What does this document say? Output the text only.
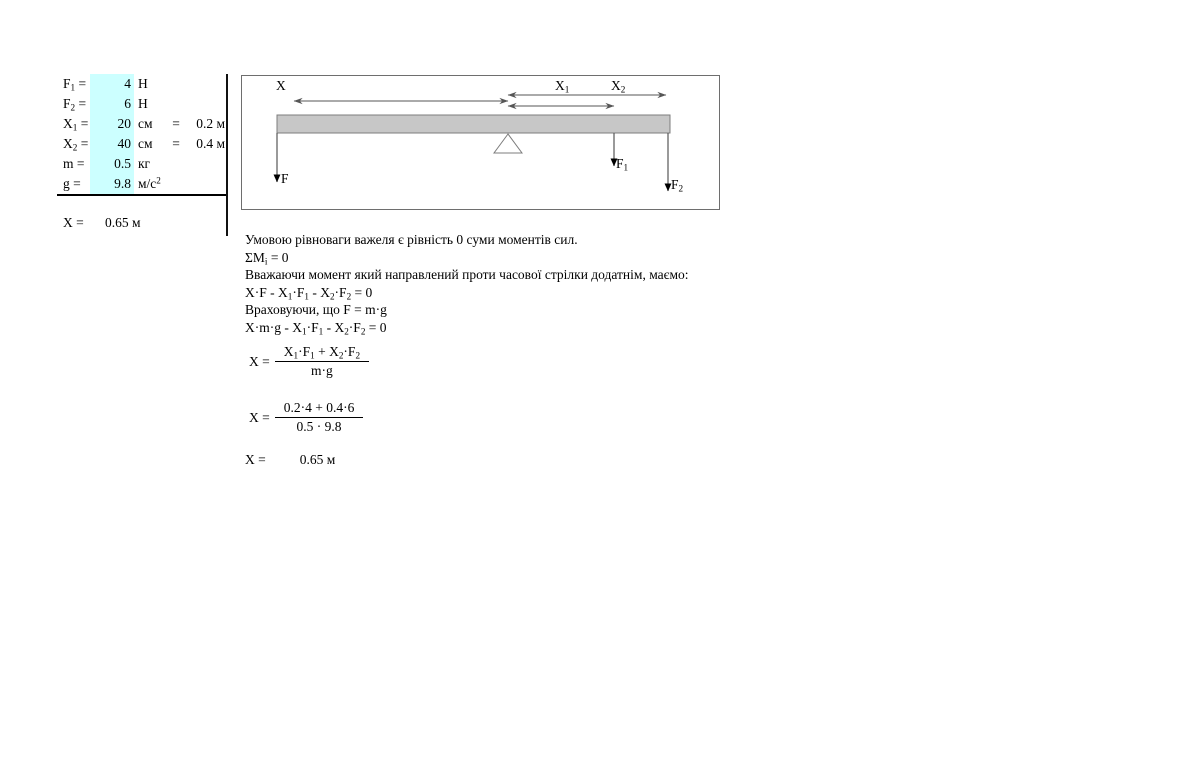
$F_1$ =	4 Н
$F_2$ =	6 Н
$X_1$ =	20 см	=	0.2 м
$X_2$ =	40 см	=	0.4 м
m =	0.5 кг
g =	9.8 $м/с^2$
X =	0.65 м
X	$X_1$	$X_2$
F
$F_1$
$F_2$
Умовою рівноваги важеля є рівність 0 суми моментів сил.
$\Sigma M_i = 0$
Вважаючи момент який направлений проти часової стрілки додатнім, маємо:
$X\cdot F - X_1\cdot F_1 - X_2\cdot F_2 = 0$
Враховуючи, що F = m·g
$X\cdot m\cdot g - X_1\cdot F_1 - X_2\cdot F_2 = 0$
$X = \frac{X_1\cdot F_1 + X_2\cdot F_2}{m\cdot g}$
$X = \frac{0.2\cdot 4 + 0.4\cdot 6}{0.5 \cdot 9.8}$
X =	0.65 м
